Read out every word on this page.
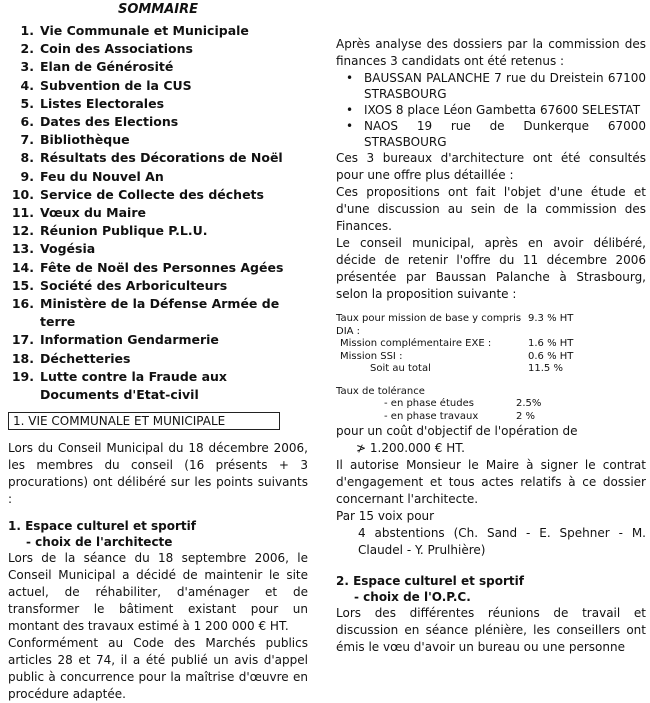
SOMMAIRE
1. Vie Communale et Municipale
2. Coin des Associations
3. Elan de Générosité
4. Subvention de la CUS
5. Listes Electorales
6. Dates des Elections
7. Bibliothèque
8. Résultats des Décorations de Noël
9. Feu du Nouvel An
10. Service de Collecte des déchets
11. Vœux du Maire
12. Réunion Publique P.L.U.
13. Vogésia
14. Fête de Noël des Personnes Agées
15. Société des Arboriculteurs
16. Ministère de la Défense Armée de terre
17. Information Gendarmerie
18. Déchetteries
19. Lutte contre la Fraude aux Documents d'Etat-civil
1. VIE COMMUNALE ET MUNICIPALE

Lors du Conseil Municipal du 18 décembre 2006, les membres du conseil (16 présents + 3 procurations) ont délibéré sur les points suivants :

1. Espace culturel et sportif
- choix de l'architecte

Lors de la séance du 18 septembre 2006, le Conseil Municipal a décidé de maintenir le site actuel, de réhabiliter, d'aménager et de transformer le bâtiment existant pour un montant des travaux estimé à 1 200 000 € HT.

Conformément au Code des Marchés publics articles 28 et 74, il a été publié un avis d'appel public à concurrence pour la maîtrise d'œuvre en procédure adaptée.

Après analyse des dossiers par la commission des finances 3 candidats ont été retenus :

• BAUSSAN PALANCHE 7 rue du Dreistein 67100 STRASBOURG
• IXOS 8 place Léon Gambetta 67600 SELESTAT
• NAOS 19 rue de Dunkerque 67000 STRASBOURG

Ces 3 bureaux d'architecture ont été consultés pour une offre plus détaillée :

Ces propositions ont fait l'objet d'une étude et d'une discussion au sein de la commission des Finances.

Le conseil municipal, après en avoir délibéré, décide de retenir l'offre du 11 décembre 2006 présentée par Baussan Palanche à Strasbourg, selon la proposition suivante :

Taux pour mission de base y compris DIA :
9.3 % HT
Mission complémentaire EXE :	1.6 % HT
Mission SSI :	0.6 % HT
Soit au total	11.5 %
Taux de tolérance
- en phase études	2.5%
- en phase travaux	2 %

pour un coût d'objectif de l'opération de

≯ 1.200.000 € HT.

Il autorise Monsieur le Maire à signer le contrat d'engagement et tous actes relatifs à ce dossier concernant l'architecte.

Par 15 voix pour

4 abstentions (Ch. Sand - E. Spehner - M. Claudel - Y. Prulhière)

2. Espace culturel et sportif
- choix de l'O.P.C.

Lors des différentes réunions de travail et discussion en séance plénière, les conseillers ont émis le vœu d'avoir un bureau ou une personne
